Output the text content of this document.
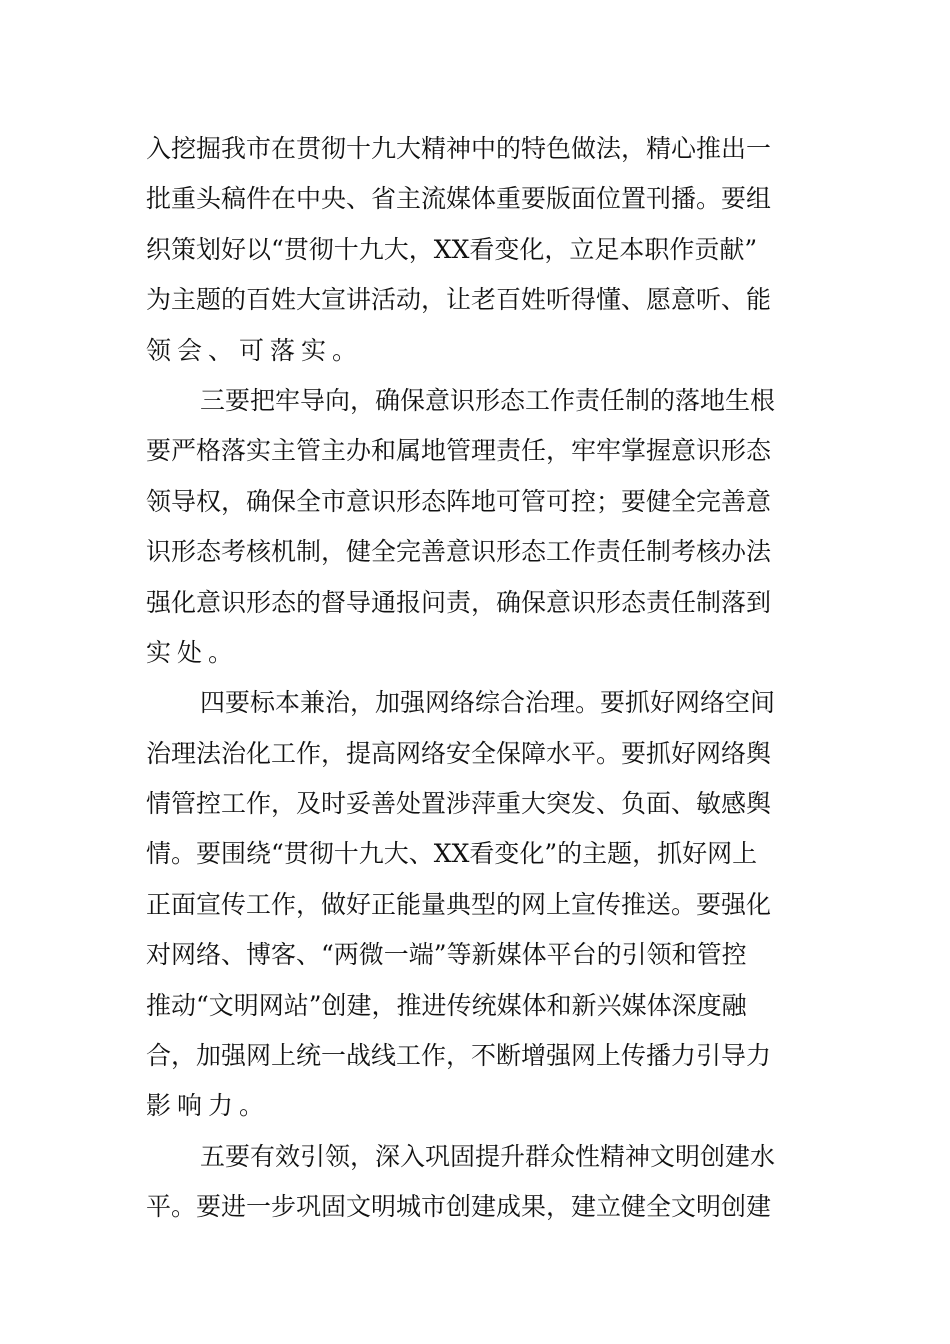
入挖掘我市在贯彻十九大精神中的特色做法，精心推出一
批重头稿件在中央、省主流媒体重要版面位置刊播。要组
织策划好以“贯彻十九大，XX看变化，立足本职作贡献”
为主题的百姓大宣讲活动，让老百姓听得懂、愿意听、能
领会、可落实。
三要把牢导向，确保意识形态工作责任制的落地生根
要严格落实主管主办和属地管理责任，牢牢掌握意识形态
领导权，确保全市意识形态阵地可管可控；要健全完善意
识形态考核机制，健全完善意识形态工作责任制考核办法
强化意识形态的督导通报问责，确保意识形态责任制落到
实处。
四要标本兼治，加强网络综合治理。要抓好网络空间
治理法治化工作，提高网络安全保障水平。要抓好网络舆
情管控工作，及时妥善处置涉萍重大突发、负面、敏感舆
情。要围绕“贯彻十九大、XX看变化”的主题，抓好网上
正面宣传工作，做好正能量典型的网上宣传推送。要强化
对网络、博客、“两微一端”等新媒体平台的引领和管控
推动“文明网站”创建，推进传统媒体和新兴媒体深度融
合，加强网上统一战线工作，不断增强网上传播力引导力
影响力。
五要有效引领，深入巩固提升群众性精神文明创建水
平。要进一步巩固文明城市创建成果，建立健全文明创建
